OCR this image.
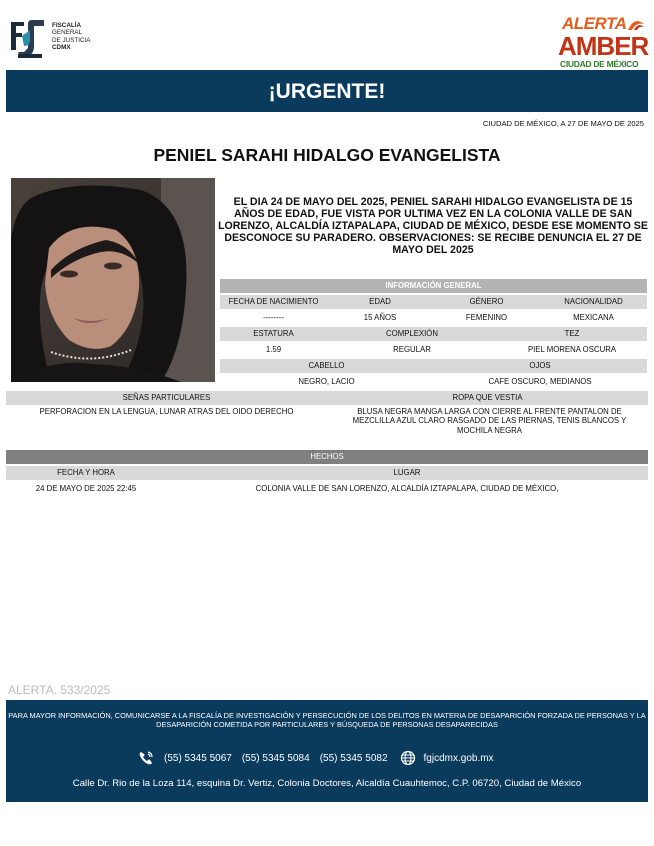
FISCALÍA
GENERAL
DE JUSTICIA
CDMX
ALERTA
AMBER
CIUDAD DE MÉXICO
¡URGENTE!
CIUDAD DE MÉXICO, A 27 DE MAYO DE 2025
PENIEL SARAHI HIDALGO EVANGELISTA
EL DIA 24 DE MAYO DEL 2025, PENIEL SARAHI HIDALGO EVANGELISTA DE 15 AÑOS DE EDAD, FUE VISTA POR ULTIMA VEZ EN LA COLONIA VALLE DE SAN LORENZO, ALCALDÍA IZTAPALAPA, CIUDAD DE MÉXICO, DESDE ESE MOMENTO SE DESCONOCE SU PARADERO. OBSERVACIONES: SE RECIBE DENUNCIA EL 27 DE MAYO DEL 2025
INFORMACIÓN GENERAL
FECHA DE NACIMIENTO	EDAD	GÉNERO	NACIONALIDAD
--------	15 AÑOS	FEMENINO	MEXICANA
ESTATURA	COMPLEXIÓN	TEZ
1.59	REGULAR	PIEL MORENA OSCURA
CABELLO	OJOS
NEGRO, LACIO	CAFE OSCURO, MEDIANOS
SEÑAS PARTICULARES	ROPA QUE VESTIA
PERFORACION EN LA LENGUA, LUNAR ATRAS DEL OIDO DERECHO	BLUSA NEGRA MANGA LARGA CON CIERRE AL FRENTE PANTALON DE MEZCLILLA AZUL CLARO RASGADO DE LAS PIERNAS, TENIS BLANCOS Y MOCHILA NEGRA
HECHOS
FECHA Y HORA	LUGAR
24 DE MAYO DE 2025 22:45	COLONIA VALLE DE SAN LORENZO, ALCALDÍA IZTAPALAPA, CIUDAD DE MÉXICO,
ALERTA. 533/2025
PARA MAYOR INFORMACIÓN, COMUNICARSE A LA FISCALÍA DE INVESTIGACIÓN Y PERSECUCIÓN DE LOS DELITOS EN MATERIA DE DESAPARICIÓN FORZADA DE PERSONAS Y LA DESAPARICIÓN COMETIDA POR PARTICULARES Y BÚSQUEDA DE PERSONAS DESAPARECIDAS
(55) 5345 5067 (55) 5345 5084 (55) 5345 5082	fgjcdmx.gob.mx
Calle Dr. Rio de la Loza 114, esquina Dr. Vertiz, Colonia Doctores, Alcaldía Cuauhtemoc, C.P. 06720, Ciudad de México
